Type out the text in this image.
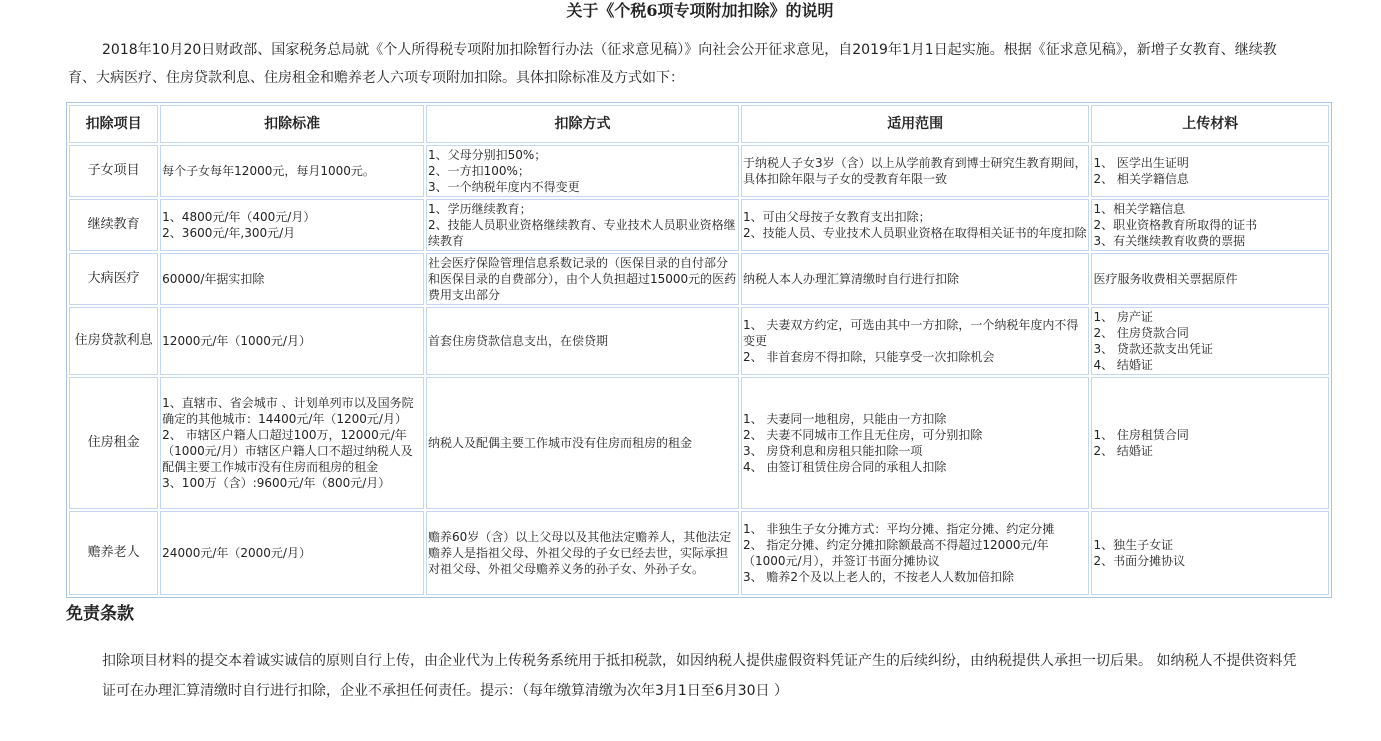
关于《个税6项专项附加扣除》的说明
2018年10月20日财政部、国家税务总局就《个人所得税专项附加扣除暂行办法（征求意见稿）》向社会公开征求意见，自2019年1月1日起实施。根据《征求意见稿》，新增子女教育、继续教育、大病医疗、住房贷款利息、住房租金和赡养老人六项专项附加扣除。具体扣除标准及方式如下：
扣除项目	扣除标准	扣除方式	适用范围	上传材料
子女项目	每个子女每年12000元，每月1000元。	1、父母分别扣50%；
2、一方扣100%；
3、一个纳税年度内不得变更	于纳税人子女3岁（含）以上从学前教育到博士研究生教育期间，具体扣除年限与子女的受教育年限一致	1、 医学出生证明
2、 相关学籍信息

继续教育	1、4800元/年（400元/月）
2、3600元/年,300元/月	1、学历继续教育；
2、技能人员职业资格继续教育、专业技术人员职业资格继续教育	1、可由父母按子女教育支出扣除；
2、技能人员、专业技术人员职业资格在取得相关证书的年度扣除	1、相关学籍信息
2、职业资格教育所取得的证书
3、有关继续教育收费的票据

大病医疗	60000/年据实扣除	社会医疗保险管理信息系数记录的（医保目录的自付部分和医保目录的自费部分），由个人负担超过15000元的医药费用支出部分	纳税人本人办理汇算清缴时自行进行扣除	医疗服务收费相关票据原件

住房贷款利息	12000元/年（1000元/月）	首套住房贷款信息支出，在偿贷期	1、 夫妻双方约定，可选由其中一方扣除，一个纳税年度内不得变更
2、 非首套房不得扣除，只能享受一次扣除机会	1、 房产证
2、 住房贷款合同
3、 贷款还款支出凭证
4、 结婚证

住房租金	1、直辖市、省会城市 、计划单列市以及国务院确定的其他城市：14400元/年（1200元/月）
2、 市辖区户籍人口超过100万，12000元/年（1000元/月）市辖区户籍人口不超过纳税人及配偶主要工作城市没有住房而租房的租金
3、100万（含）:9600元/年（800元/月）	纳税人及配偶主要工作城市没有住房而租房的租金	1、 夫妻同一地租房，只能由一方扣除
2、 夫妻不同城市工作且无住房，可分别扣除
3、 房贷利息和房租只能扣除一项
4、 由签订租赁住房合同的承租人扣除	1、 住房租赁合同
2、 结婚证

赡养老人	24000元/年（2000元/月）	赡养60岁（含）以上父母以及其他法定赡养人，其他法定赡养人是指祖父母、外祖父母的子女已经去世，实际承担对祖父母、外祖父母赡养义务的孙子女、外孙子女。	1、 非独生子女分摊方式：平均分摊、指定分摊、约定分摊
2、 指定分摊、约定分摊扣除额最高不得超过12000元/年（1000元/月），并签订书面分摊协议
3、 赡养2个及以上老人的，不按老人人数加倍扣除	1、独生子女证
2、书面分摊协议
免责条款
扣除项目材料的提交本着诚实诚信的原则自行上传，由企业代为上传税务系统用于抵扣税款，如因纳税人提供虚假资料凭证产生的后续纠纷，由纳税提供人承担一切后果。 如纳税人不提供资料凭证可在办理汇算清缴时自行进行扣除，企业不承担任何责任。提示：（每年缴算清缴为次年3月1日至6月30日 ）
